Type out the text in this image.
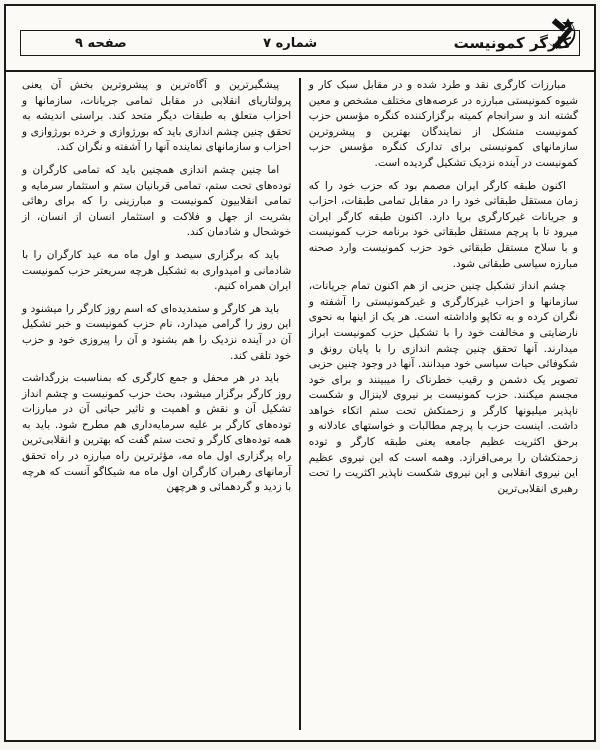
کارگر کمونیست
شماره ۷
صفحه ۹

مبارزات کارگری نقد و طرد شده و در مقابل سبک کار و شیوه کمونیستی مبارزه در عرصه‌های مختلف مشخص و معین گشته اند و سرانجام کمیته برگزارکننده کنگره مؤسس حزب کمونیست متشکل از نمایندگان بهترین و پیشروترین سازمانهای کمونیستی برای تدارک کنگره مؤسس حزب کمونیست در آینده نزدیک تشکیل گردیده است.

اکنون طبقه کارگر ایران مصمم بود که حزب خود را که زمان مستقل طبقاتی خود را در مقابل تمامی طبقات، احزاب و جریانات غیرکارگری برپا دارد. اکنون طبقه کارگر ایران میرود تا با پرچم مستقل طبقاتی خود برنامه حزب کمونیست و با سلاح مستقل طبقاتی خود حزب کمونیست وارد صحنه مبارزه سیاسی طبقاتی شود.

چشم انداز تشکیل چنین حزبی از هم اکنون تمام جریانات، سازمانها و احزاب غیرکارگری و غیرکمونیستی را آشفته و نگران کرده و به تکاپو واداشته است. هر یک از اینها به نحوی نارضایتی و مخالفت خود را با تشکیل حزب کمونیست ابراز میدارند. آنها تحقق چنین چشم اندازی را با پایان رونق و شکوفائی حیات سیاسی خود میدانند. آنها در وجود چنین حزبی تصویر یک دشمن و رقیب خطرناک را میبینند و برای خود مجسم میکنند. حزب کمونیست بر نیروی لاینزال و شکست ناپذیر میلیونها کارگر و زحمتکش تحت ستم اتکاء خواهد داشت. اینست حزب با پرچم مطالبات و خواستهای عادلانه و برحق اکثریت عظیم جامعه یعنی طبقه کارگر و توده زحمتکشان را برمی‌افرازد. وهمه است که این نیروی عظیم این نیروی انقلابی و این نیروی شکست ناپذیر اکثریت را تحت رهبری انقلابی‌ترین

پیشگیرترین و آگاه‌ترین و پیشروترین بخش آن یعنی پرولتاریای انقلابی در مقابل تمامی جریانات، سازمانها و احزاب متعلق به طبقات دیگر متحد کند. براستی اندیشه به تحقق چنین چشم اندازی باید که بورژوازی و خرده بورژوازی و احزاب و سازمانهای نماینده آنها را آشفته و نگران کند.

اما چنین چشم اندازی همچنین باید که تمامی کارگران و توده‌های تحت ستم، تمامی قربانیان ستم و استثمار سرمایه و تمامی انقلابیون کمونیست و مبارزینی را که برای رهائی بشریت از جهل و فلاکت و استثمار انسان از انسان، از خوشحال و شادمان کند.

باید که برگزاری سیصد و اول ماه مه عید کارگران را با شادمانی و امیدواری به تشکیل هرچه سریعتر حزب کمونیست ایران همراه کنیم.

باید هر کارگر و ستمدیده‌ای که اسم روز کارگر را میشنود و این روز را گرامی میدارد، نام حزب کمونیست و خبر تشکیل آن در آینده نزدیک را هم بشنود و آن را پیروزی خود و حزب خود تلقی کند.

باید در هر محفل و جمع کارگری که بمناسبت بزرگداشت روز کارگر برگزار میشود، بحث حزب کمونیست و چشم انداز تشکیل آن و نقش و اهمیت و تاثیر حیاتی آن در مبارزات توده‌های کارگر بر علیه سرمایه‌داری هم مطرح شود. باید به همه توده‌های کارگر و تحت ستم گفت که بهترین و انقلابی‌ترین راه پرگزاری اول ماه مه، مؤثرترین راه مبارزه در راه تحقق آرمانهای رهبران کارگران اول ماه مه شیکاگو آنست که هرچه با زدید و گردهمائی و هرچهن
